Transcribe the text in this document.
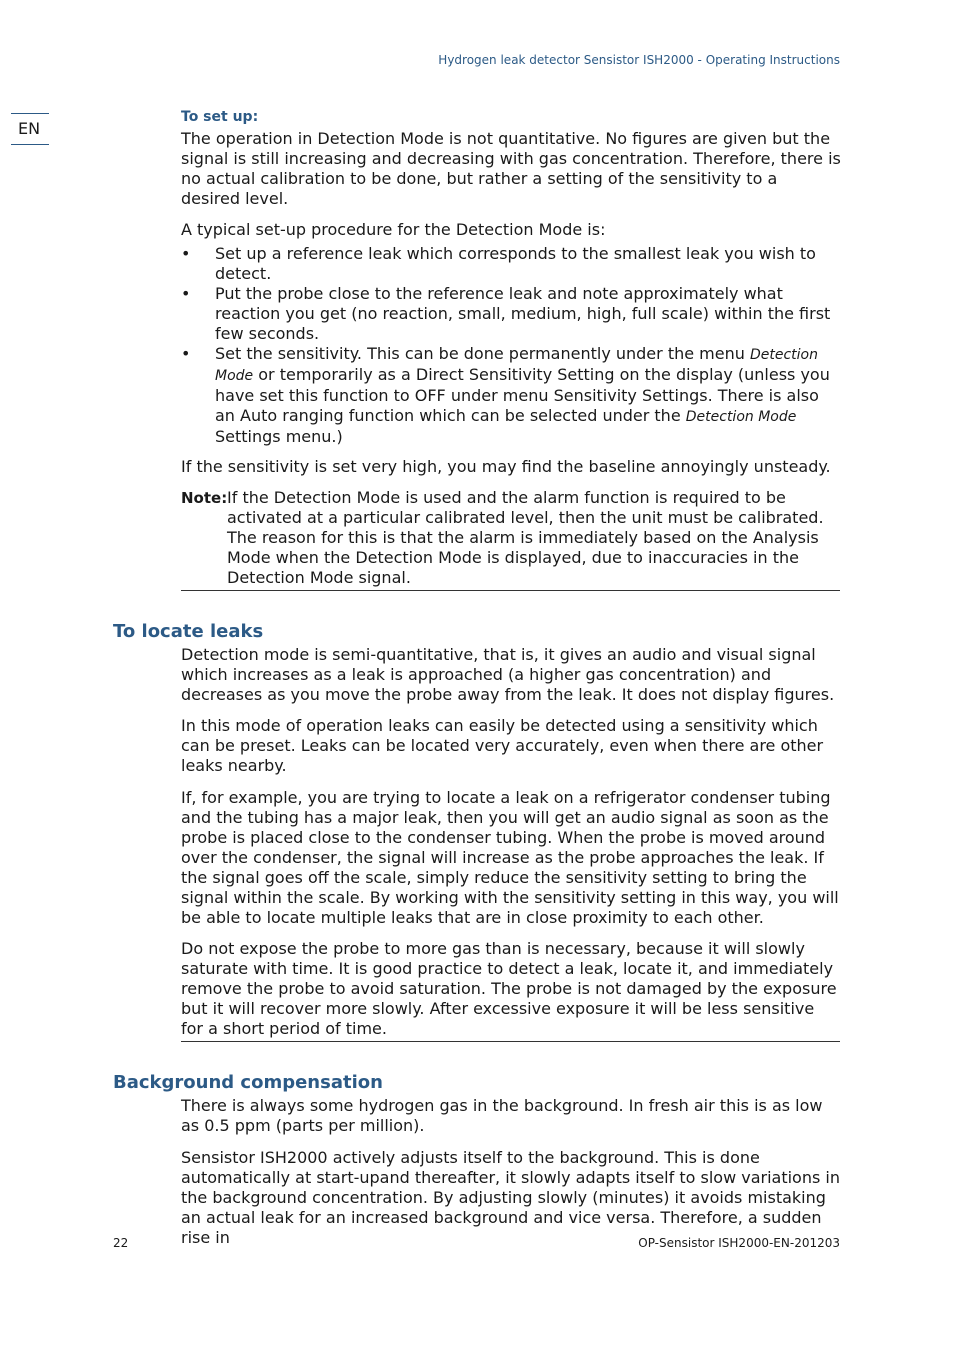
Hydrogen leak detector Sensistor ISH2000 - Operating Instructions
EN
To set up:

The operation in Detection Mode is not quantitative. No figures are given but the signal is still increasing and decreasing with gas concentration. Therefore, there is no actual calibration to be done, but rather a setting of the sensitivity to a desired level.

A typical set-up procedure for the Detection Mode is:

•	Set up a reference leak which corresponds to the smallest leak you wish to detect.
•	Put the probe close to the reference leak and note approximately what reaction you get (no reaction, small, medium, high, full scale) within the first few seconds.
•	Set the sensitivity. This can be done permanently under the menu Detection Mode or temporarily as a Direct Sensitivity Setting on the display (unless you have set this function to OFF under menu Sensitivity Settings. There is also an Auto ranging function which can be selected under the Detection Mode Settings menu.)

If the sensitivity is set very high, you may find the baseline annoyingly unsteady.

Note: If the Detection Mode is used and the alarm function is required to be activated at a particular calibrated level, then the unit must be calibrated. The reason for this is that the alarm is immediately based on the Analysis Mode when the Detection Mode is displayed, due to inaccuracies in the Detection Mode signal.
To locate leaks

Detection mode is semi-quantitative, that is, it gives an audio and visual signal which increases as a leak is approached (a higher gas concentration) and decreases as you move the probe away from the leak. It does not display figures.

In this mode of operation leaks can easily be detected using a sensitivity which can be preset. Leaks can be located very accurately, even when there are other leaks nearby.

If, for example, you are trying to locate a leak on a refrigerator condenser tubing and the tubing has a major leak, then you will get an audio signal as soon as the probe is placed close to the condenser tubing. When the probe is moved around over the condenser, the signal will increase as the probe approaches the leak. If the signal goes off the scale, simply reduce the sensitivity setting to bring the signal within the scale. By working with the sensitivity setting in this way, you will be able to locate multiple leaks that are in close proximity to each other.

Do not expose the probe to more gas than is necessary, because it will slowly saturate with time. It is good practice to detect a leak, locate it, and immediately remove the probe to avoid saturation. The probe is not damaged by the exposure but it will recover more slowly. After excessive exposure it will be less sensitive for a short period of time.

Background compensation

There is always some hydrogen gas in the background. In fresh air this is as low as 0.5 ppm (parts per million).

Sensistor ISH2000 actively adjusts itself to the background. This is done automatically at start-upand thereafter, it slowly adapts itself to slow variations in the background concentration. By adjusting slowly (minutes) it avoids mistaking an actual leak for an increased background and vice versa. Therefore, a sudden rise in

22	OP-Sensistor ISH2000-EN-201203
